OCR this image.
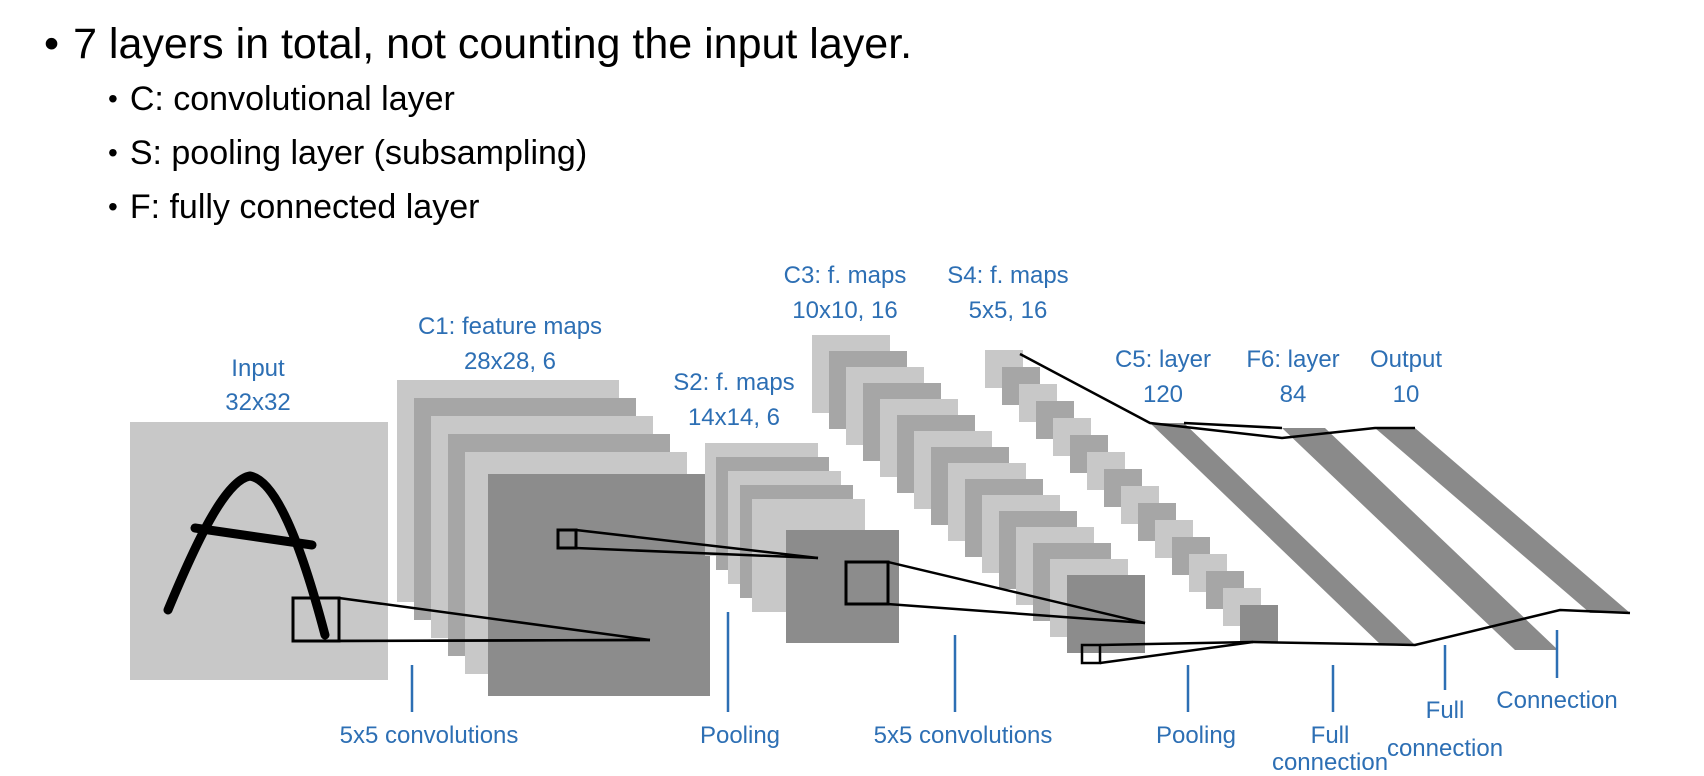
• 7 layers in total, not counting the input layer.
• C: convolutional layer
• S: pooling layer (subsampling)
• F: fully connected layer
Input
32x32
C1: feature maps
28x28, 6
S2: f. maps
14x14, 6
C3: f. maps
10x10, 16
S4: f. maps
5x5, 16
C5: layer
120
F6: layer
84
Output
10
5x5 convolutions	Pooling	5x5 convolutions	Pooling	Full
connection
Full
connection
Connection
